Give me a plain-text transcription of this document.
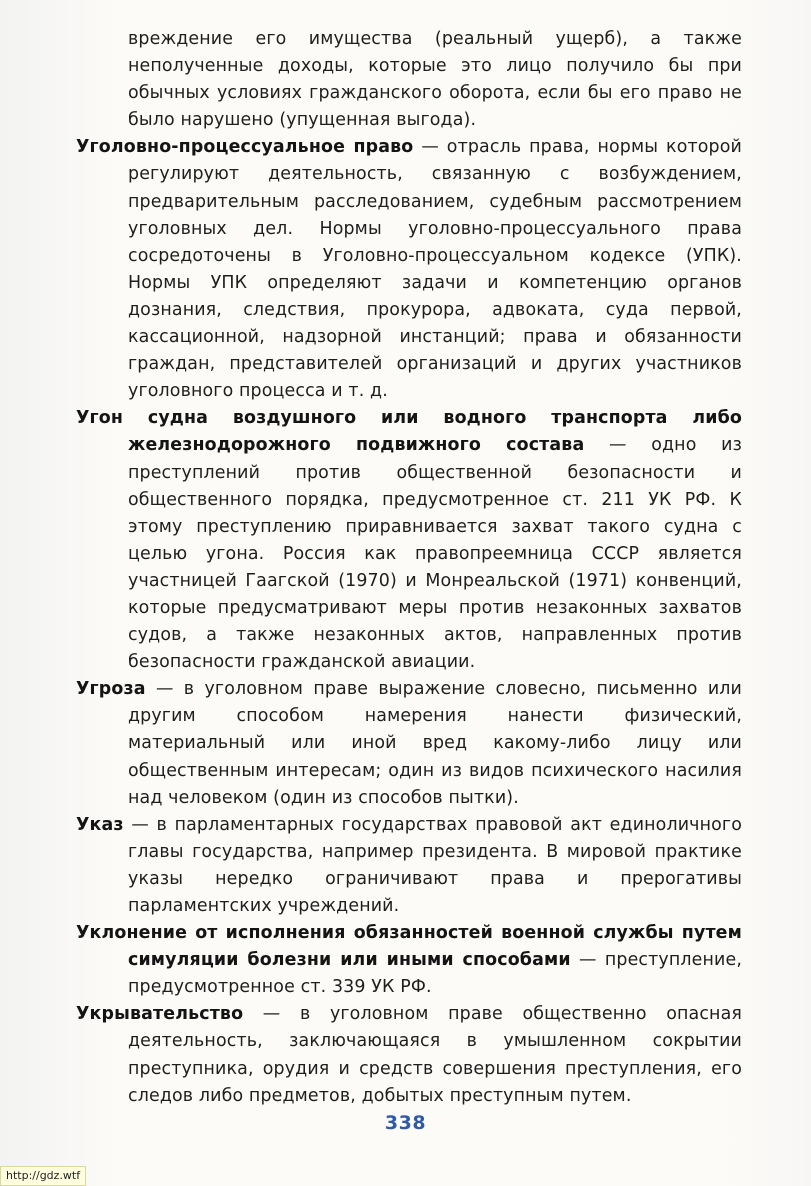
вреждение его имущества (реальный ущерб), а также неполученные доходы, которые это лицо получило бы при обычных условиях гражданского оборота, если бы его право не было нарушено (упущенная выгода).

Уголовно-процессуальное право — отрасль права, нормы которой регулируют деятельность, связанную с возбуждением, предварительным расследованием, судебным рассмотрением уголовных дел. Нормы уголовно-процессуального права сосредоточены в Уголовно-процессуальном кодексе (УПК). Нормы УПК определяют задачи и компетенцию органов дознания, следствия, прокурора, адвоката, суда первой, кассационной, надзорной инстанций; права и обязанности граждан, представителей организаций и других участников уголовного процесса и т. д.

Угон судна воздушного или водного транспорта либо железнодорожного подвижного состава — одно из преступлений против общественной безопасности и общественного порядка, предусмотренное ст. 211 УК РФ. К этому преступлению приравнивается захват такого судна с целью угона. Россия как правопреемница СССР является участницей Гаагской (1970) и Монреальской (1971) конвенций, которые предусматривают меры против незаконных захватов судов, а также незаконных актов, направленных против безопасности гражданской авиации.

Угроза — в уголовном праве выражение словесно, письменно или другим способом намерения нанести физический, материальный или иной вред какому-либо лицу или общественным интересам; один из видов психического насилия над человеком (один из способов пытки).

Указ — в парламентарных государствах правовой акт единоличного главы государства, например президента. В мировой практике указы нередко ограничивают права и прерогативы парламентских учреждений.

Уклонение от исполнения обязанностей военной службы путем симуляции болезни или иными способами — преступление, предусмотренное ст. 339 УК РФ.

Укрывательство — в уголовном праве общественно опасная деятельность, заключающаяся в умышленном сокрытии преступника, орудия и средств совершения преступления, его следов либо предметов, добытых преступным путем.

338
http://gdz.wtf
